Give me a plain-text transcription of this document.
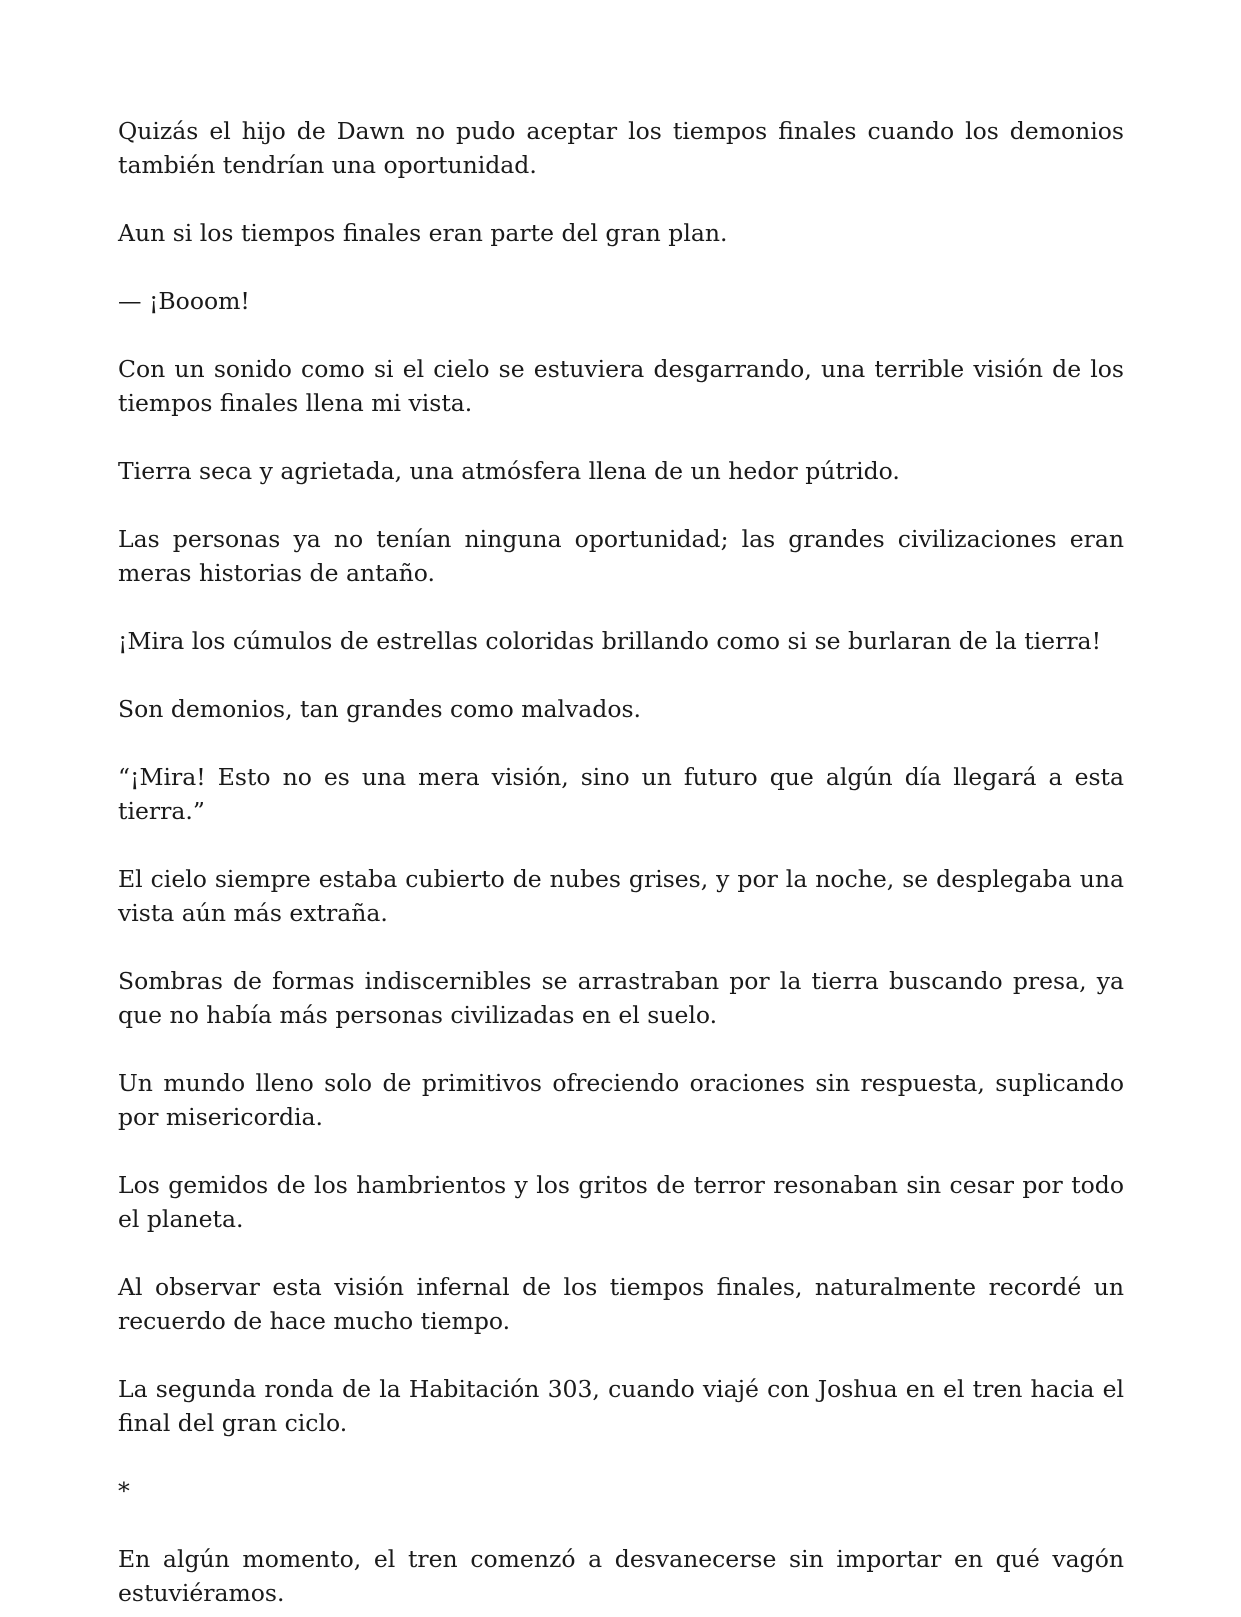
Quizás el hijo de Dawn no pudo aceptar los tiempos finales cuando los demonios también tendrían una oportunidad.

Aun si los tiempos finales eran parte del gran plan.

— ¡Booom!

Con un sonido como si el cielo se estuviera desgarrando, una terrible visión de los tiempos finales llena mi vista.

Tierra seca y agrietada, una atmósfera llena de un hedor pútrido.

Las personas ya no tenían ninguna oportunidad; las grandes civilizaciones eran meras historias de antaño.

¡Mira los cúmulos de estrellas coloridas brillando como si se burlaran de la tierra!

Son demonios, tan grandes como malvados.

“¡Mira! Esto no es una mera visión, sino un futuro que algún día llegará a esta tierra.”

El cielo siempre estaba cubierto de nubes grises, y por la noche, se desplegaba una vista aún más extraña.

Sombras de formas indiscernibles se arrastraban por la tierra buscando presa, ya que no había más personas civilizadas en el suelo.

Un mundo lleno solo de primitivos ofreciendo oraciones sin respuesta, suplicando por misericordia.

Los gemidos de los hambrientos y los gritos de terror resonaban sin cesar por todo el planeta.

Al observar esta visión infernal de los tiempos finales, naturalmente recordé un recuerdo de hace mucho tiempo.

La segunda ronda de la Habitación 303, cuando viajé con Joshua en el tren hacia el final del gran ciclo.

*

En algún momento, el tren comenzó a desvanecerse sin importar en qué vagón estuviéramos.
